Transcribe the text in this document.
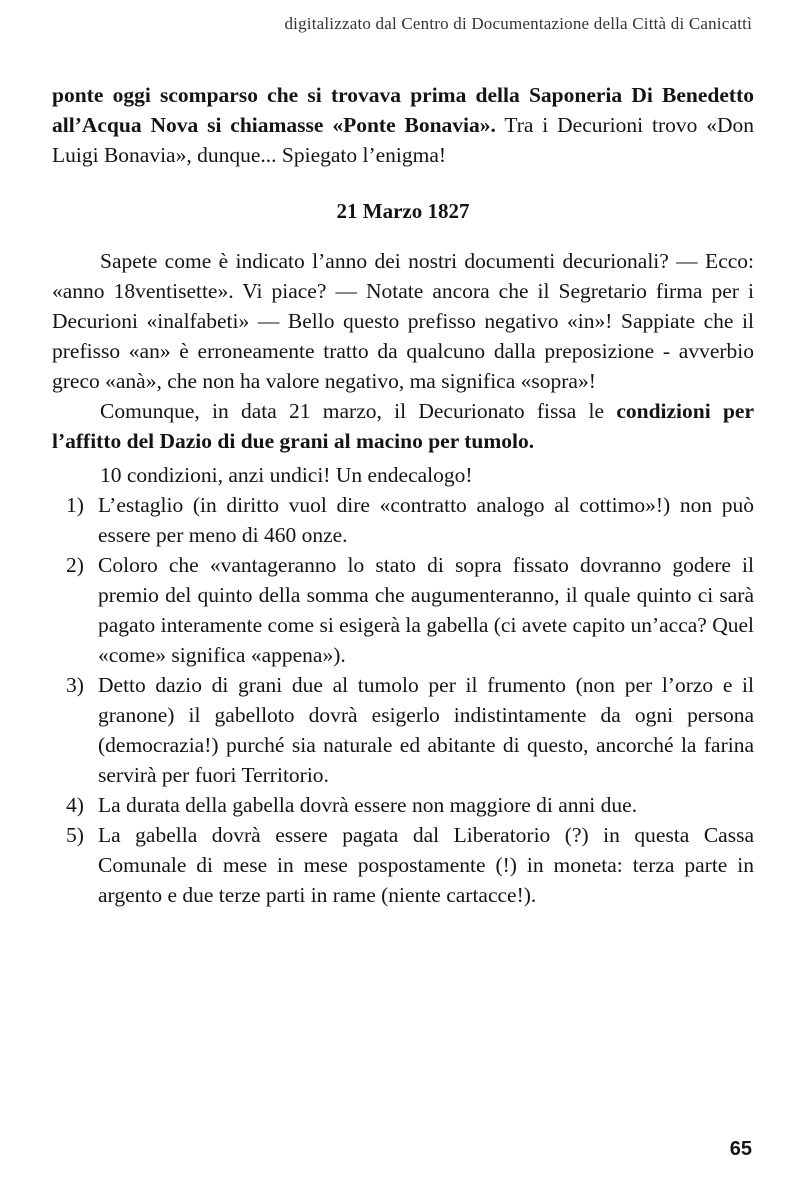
digitalizzato dal Centro di Documentazione della Città di Canicattì

ponte oggi scomparso che si trovava prima della Saponeria Di Benedetto all’Acqua Nova si chiamasse «Ponte Bonavia». Tra i Decurioni trovo «Don Luigi Bonavia», dunque... Spiegato l’enigma!

21 Marzo 1827

Sapete come è indicato l’anno dei nostri documenti decurionali? — Ecco: «anno 18ventisette». Vi piace? — Notate ancora che il Segretario firma per i Decurioni «inalfabeti» — Bello questo prefisso negativo «in»! Sappiate che il prefisso «an» è erroneamente tratto da qualcuno dalla preposizione - avverbio greco «anà», che non ha valore negativo, ma significa «sopra»!

Comunque, in data 21 marzo, il Decurionato fissa le condizioni per l’affitto del Dazio di due grani al macino per tumolo.

10 condizioni, anzi undici! Un endecalogo!

1) L’estaglio (in diritto vuol dire «contratto analogo al cottimo»!) non può essere per meno di 460 onze.
2) Coloro che «vantageranno lo stato di sopra fissato dovranno godere il premio del quinto della somma che augumenteranno, il quale quinto ci sarà pagato interamente come si esigerà la gabella (ci avete capito un’acca? Quel «come» significa «appena»).
3) Detto dazio di grani due al tumolo per il frumento (non per l’orzo e il granone) il gabelloto dovrà esigerlo indistintamente da ogni persona (democrazia!) purché sia naturale ed abitante di questo, ancorché la farina servirà per fuori Territorio.
4) La durata della gabella dovrà essere non maggiore di anni due.
5) La gabella dovrà essere pagata dal Liberatorio (?) in questa Cassa Comunale di mese in mese pospostamente (!) in moneta: terza parte in argento e due terze parti in rame (niente cartacce!).
65
